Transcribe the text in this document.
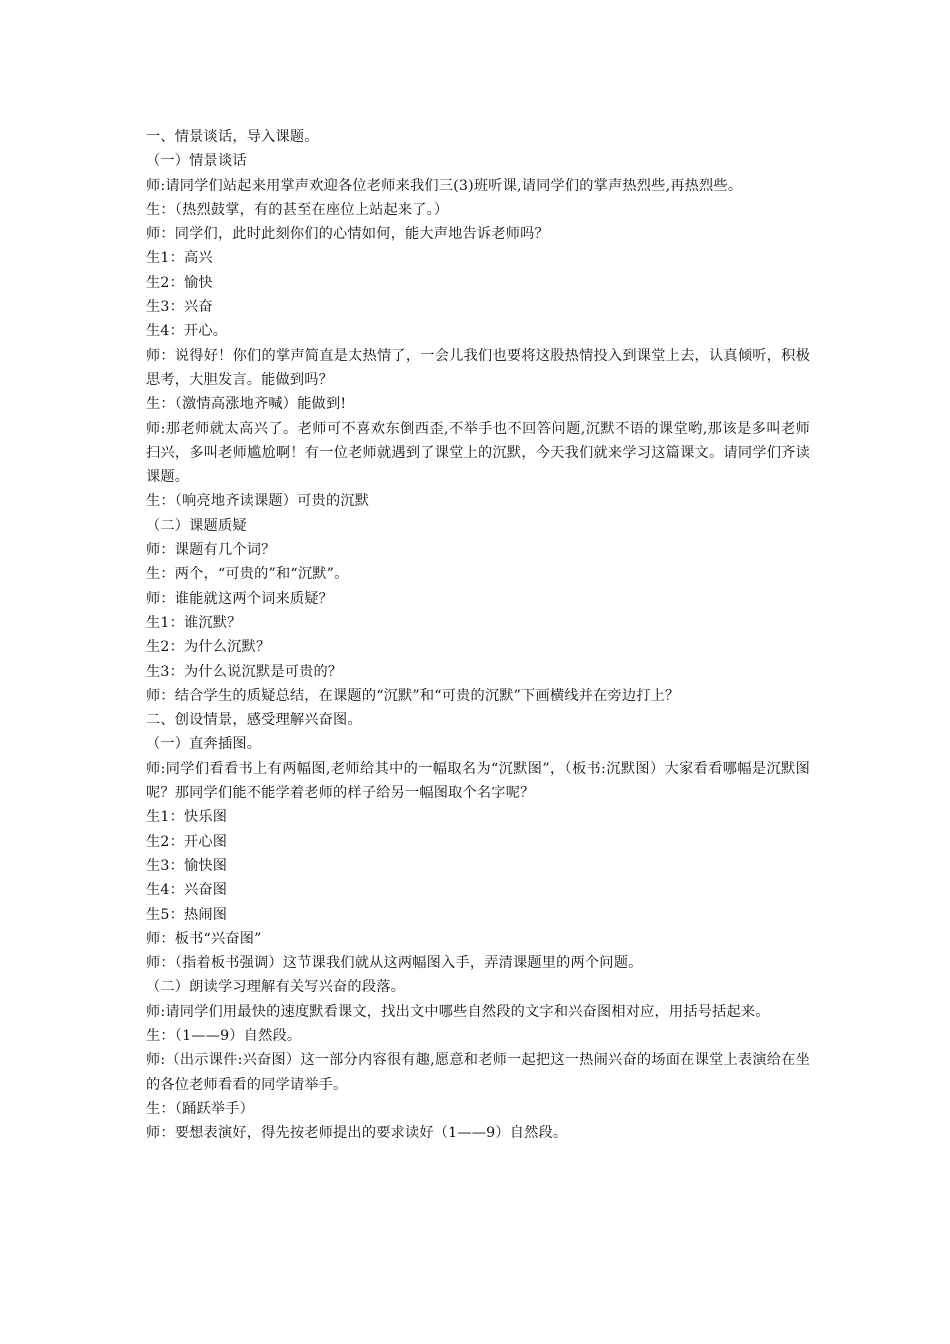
一、情景谈话，导入课题。

（一）情景谈话

师:请同学们站起来用掌声欢迎各位老师来我们三(3)班听课,请同学们的掌声热烈些,再热烈些。

生：（热烈鼓掌，有的甚至在座位上站起来了。）

师：同学们，此时此刻你们的心情如何，能大声地告诉老师吗？

生1：高兴

生2：愉快

生3：兴奋

生4：开心。

师：说得好！你们的掌声简直是太热情了，一会儿我们也要将这股热情投入到课堂上去，认真倾听，积极思考，大胆发言。能做到吗？

生：（激情高涨地齐喊）能做到!

师:那老师就太高兴了。老师可不喜欢东倒西歪,不举手也不回答问题,沉默不语的课堂哟,那该是多叫老师扫兴，多叫老师尴尬啊！有一位老师就遇到了课堂上的沉默，今天我们就来学习这篇课文。请同学们齐读课题。

生：（响亮地齐读课题）可贵的沉默

（二）课题质疑

师：课题有几个词？

生：两个，“可贵的”和“沉默”。

师：谁能就这两个词来质疑？

生1：谁沉默？

生2：为什么沉默？

生3：为什么说沉默是可贵的？

师：结合学生的质疑总结，在课题的“沉默”和“可贵的沉默”下画横线并在旁边打上？

二、创设情景，感受理解兴奋图。

（一）直奔插图。

师:同学们看看书上有两幅图,老师给其中的一幅取名为“沉默图”，（板书:沉默图）大家看看哪幅是沉默图呢？那同学们能不能学着老师的样子给另一幅图取个名字呢？

生1：快乐图

生2：开心图

生3：愉快图

生4：兴奋图

生5：热闹图

师：板书“兴奋图”

师：（指着板书强调）这节课我们就从这两幅图入手，弄清课题里的两个问题。

（二）朗读学习理解有关写兴奋的段落。

师:请同学们用最快的速度默看课文，找出文中哪些自然段的文字和兴奋图相对应，用括号括起来。

生：（1——9）自然段。

师:（出示课件:兴奋图）这一部分内容很有趣,愿意和老师一起把这一热闹兴奋的场面在课堂上表演给在坐的各位老师看看的同学请举手。

生：（踊跃举手）

师：要想表演好，得先按老师提出的要求读好（1——9）自然段。
